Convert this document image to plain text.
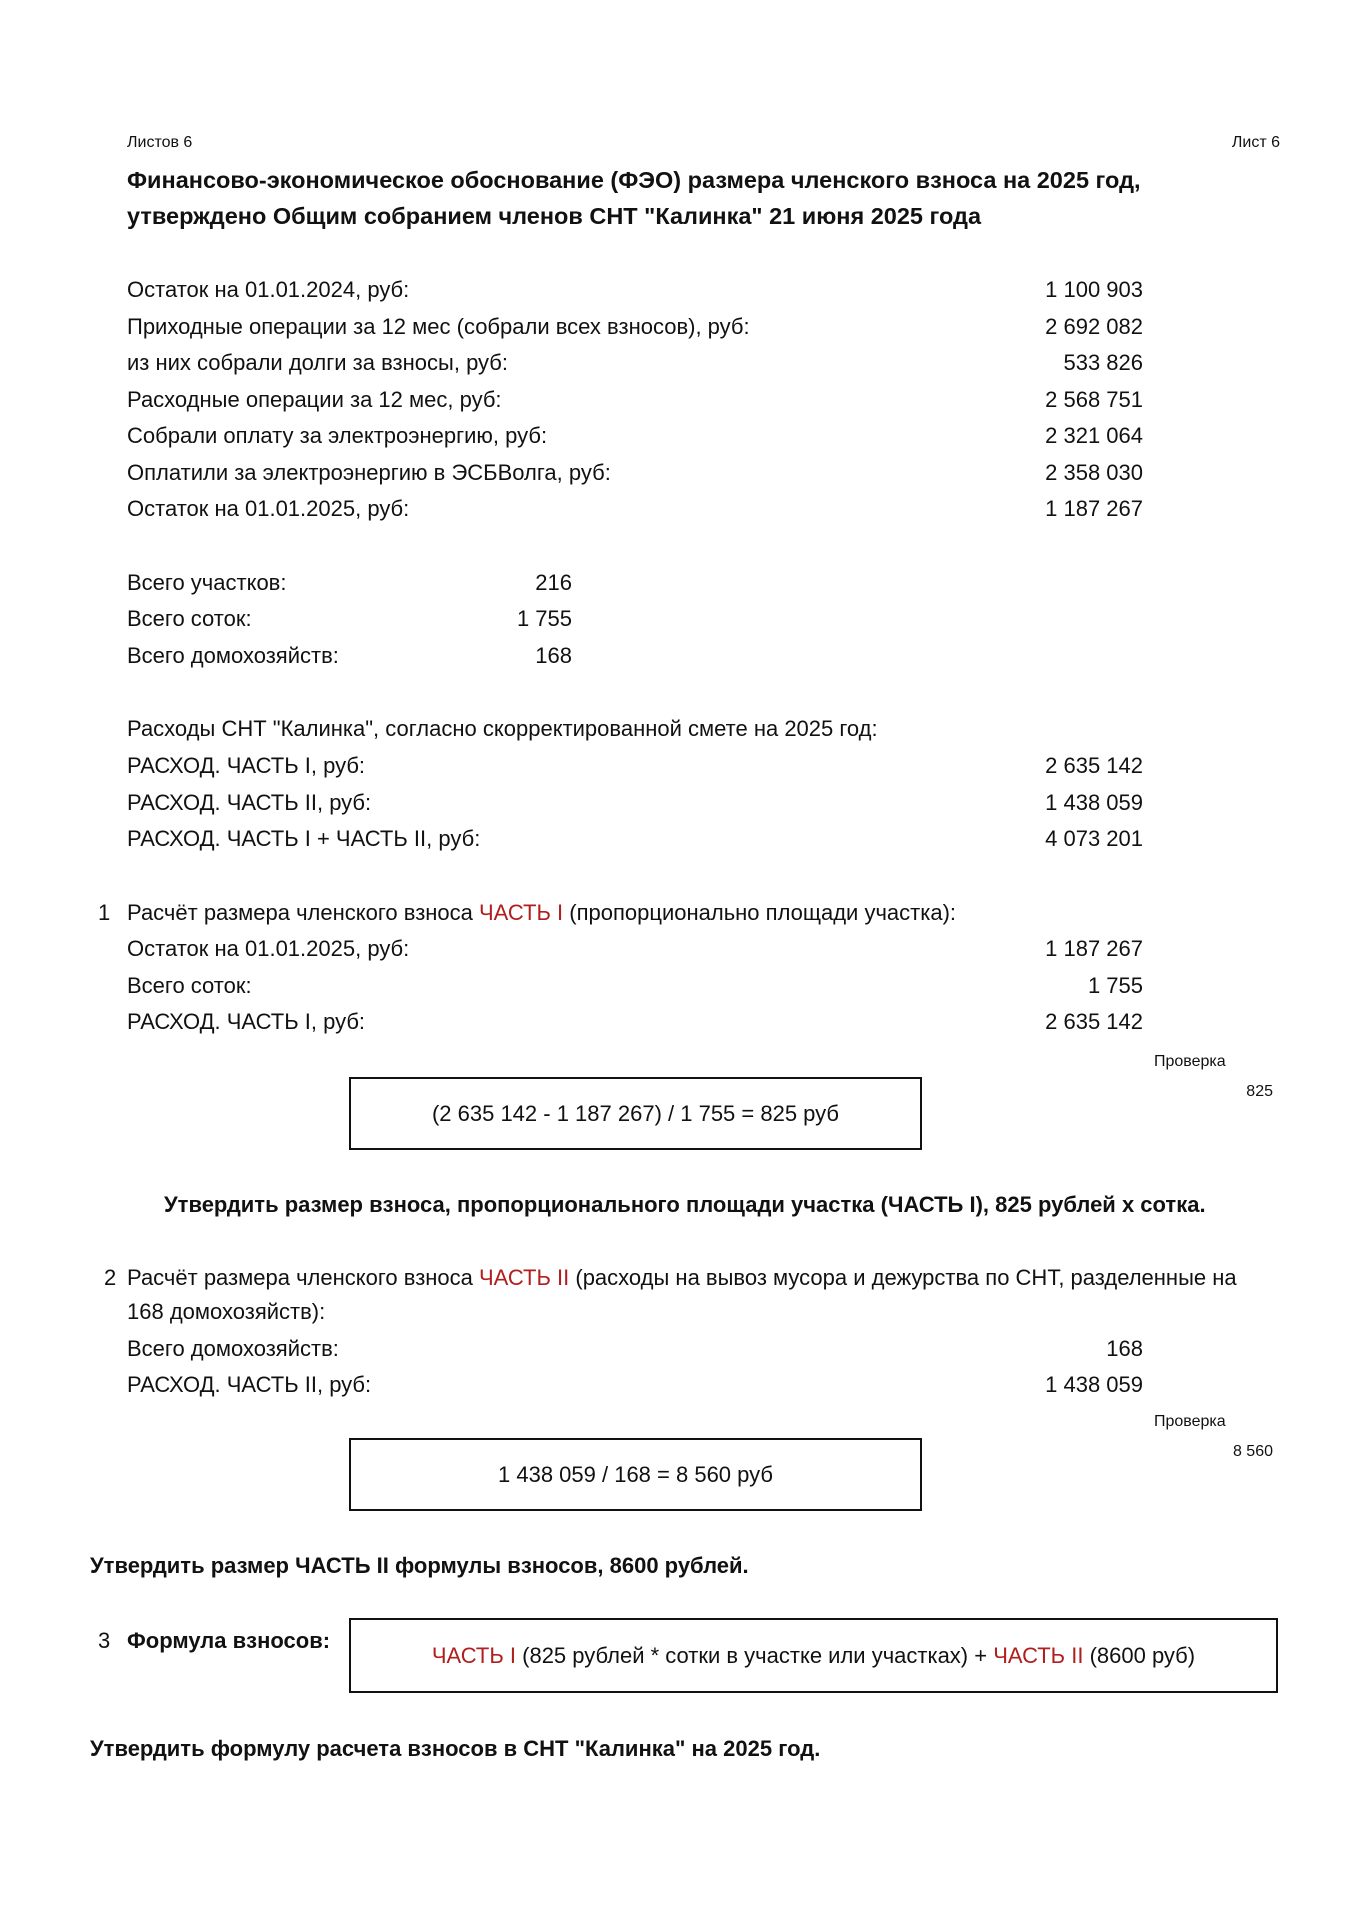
Листов 6	Лист 6
Финансово-экономическое обоснование (ФЭО) размера членского взноса на 2025 год,
утверждено Общим собранием членов СНТ "Калинка" 21 июня 2025 года
Остаток на 01.01.2024, руб:	1 100 903
Приходные операции за 12 мес (собрали всех взносов), руб:	2 692 082
из них собрали долги за взносы, руб:	533 826
Расходные операции за 12 мес, руб:	2 568 751
Собрали оплату за электроэнергию, руб:	2 321 064
Оплатили за электроэнергию в ЭСБВолга, руб:	2 358 030
Остаток на 01.01.2025, руб:	1 187 267
Всего участков:	216
Всего соток:	1 755
Всего домохозяйств:	168
Расходы СНТ "Калинка", согласно скорректированной смете на 2025 год:
РАСХОД. ЧАСТЬ I, руб:	2 635 142
РАСХОД. ЧАСТЬ II, руб:	1 438 059
РАСХОД. ЧАСТЬ I + ЧАСТЬ II, руб:	4 073 201
1 Расчёт размера членского взноса ЧАСТЬ I (пропорционально площади участка):
Остаток на 01.01.2025, руб:	1 187 267
Всего соток:	1 755
РАСХОД. ЧАСТЬ I, руб:	2 635 142
Проверка
825
(2 635 142 - 1 187 267) / 1 755 = 825 руб
Утвердить размер взноса, пропорционального площади участка (ЧАСТЬ I), 825 рублей х сотка.
2 Расчёт размера членского взноса ЧАСТЬ II (расходы на вывоз мусора и дежурства по СНТ, разделенные на
168 домохозяйств):
Всего домохозяйств:	168
РАСХОД. ЧАСТЬ II, руб:	1 438 059
Проверка
8 560
1 438 059 / 168 = 8 560 руб
Утвердить размер ЧАСТЬ II формулы взносов, 8600 рублей.
3 Формула взносов:
ЧАСТЬ I (825 рублей * сотки в участке или участках) + ЧАСТЬ II (8600 руб)
Утвердить формулу расчета взносов в СНТ "Калинка" на 2025 год.
